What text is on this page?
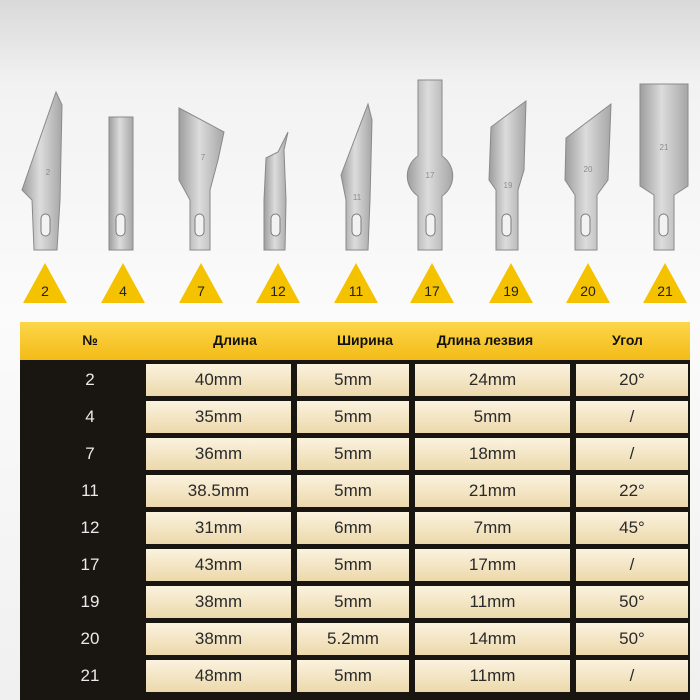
2
7
11
17
19
20
21
2	4	7	12	11	17	19	20	21
№	Длина	Ширина	Длина лезвия	Угол
2	40mm	5mm	24mm	20°
4	35mm	5mm	5mm	/
7	36mm	5mm	18mm	/
11	38.5mm	5mm	21mm	22°
12	31mm	6mm	7mm	45°
17	43mm	5mm	17mm	/
19	38mm	5mm	11mm	50°
20	38mm	5.2mm	14mm	50°
21	48mm	5mm	11mm	/
